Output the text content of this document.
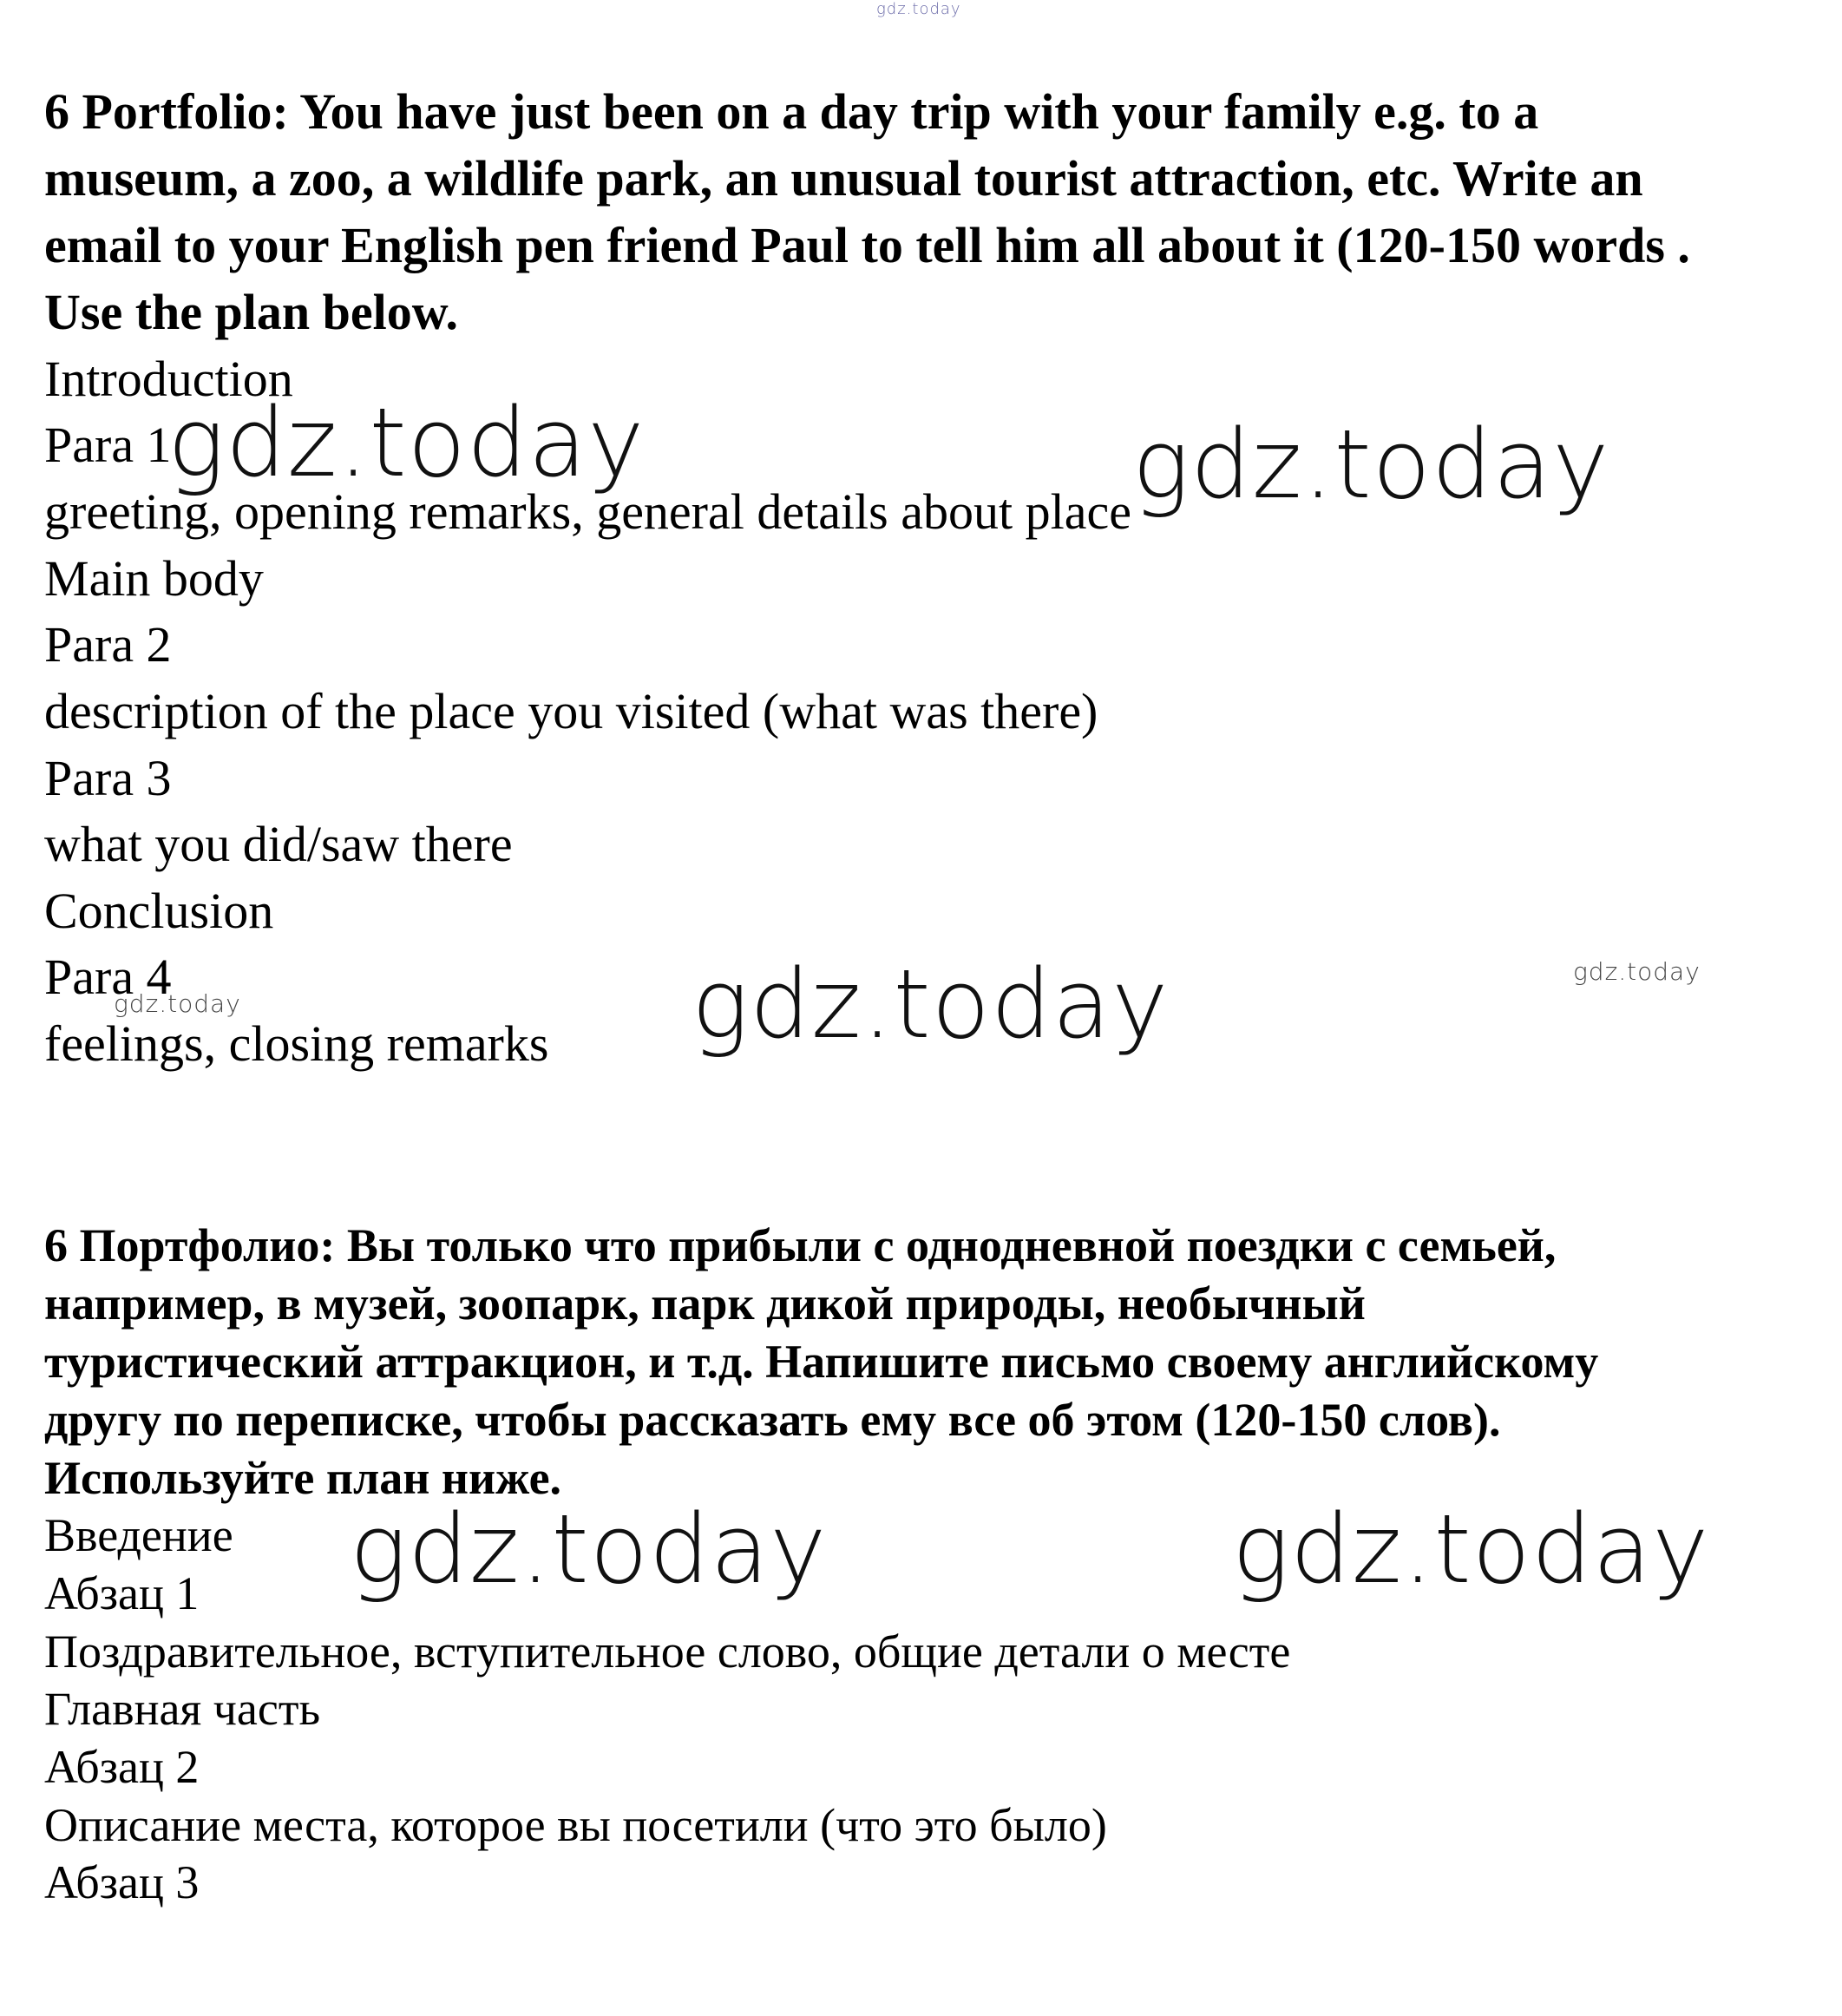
gdz.today
6 Portfolio: You have just been on a day trip with your family e.g. to a
museum, a zoo, a wildlife park, an unusual tourist attraction, etc. Write an
email to your English pen friend Paul to tell him all about it (120-150 words .
Use the plan below.
Introduction
Para 1
greeting, opening remarks, general details about place
Main body
Para 2
description of the place you visited (what was there)
Para 3
what you did/saw there
Conclusion
Para 4
feelings, closing remarks
6 Портфолио: Вы только что прибыли с однодневной поездки с семьей,
например, в музей, зоопарк, парк дикой природы, необычный
туристический аттракцион, и т.д. Напишите письмо своему английскому
другу по переписке, чтобы рассказать ему все об этом (120-150 слов).
Используйте план ниже.
Введение
Абзац 1
Поздравительное, вступительное слово, общие детали о месте
Главная часть
Абзац 2
Описание места, которое вы посетили (что это было)
Абзац 3
gdz.today	gdz.today
gdz.today
gdz.today
gdz.today
gdz.today	gdz.today
